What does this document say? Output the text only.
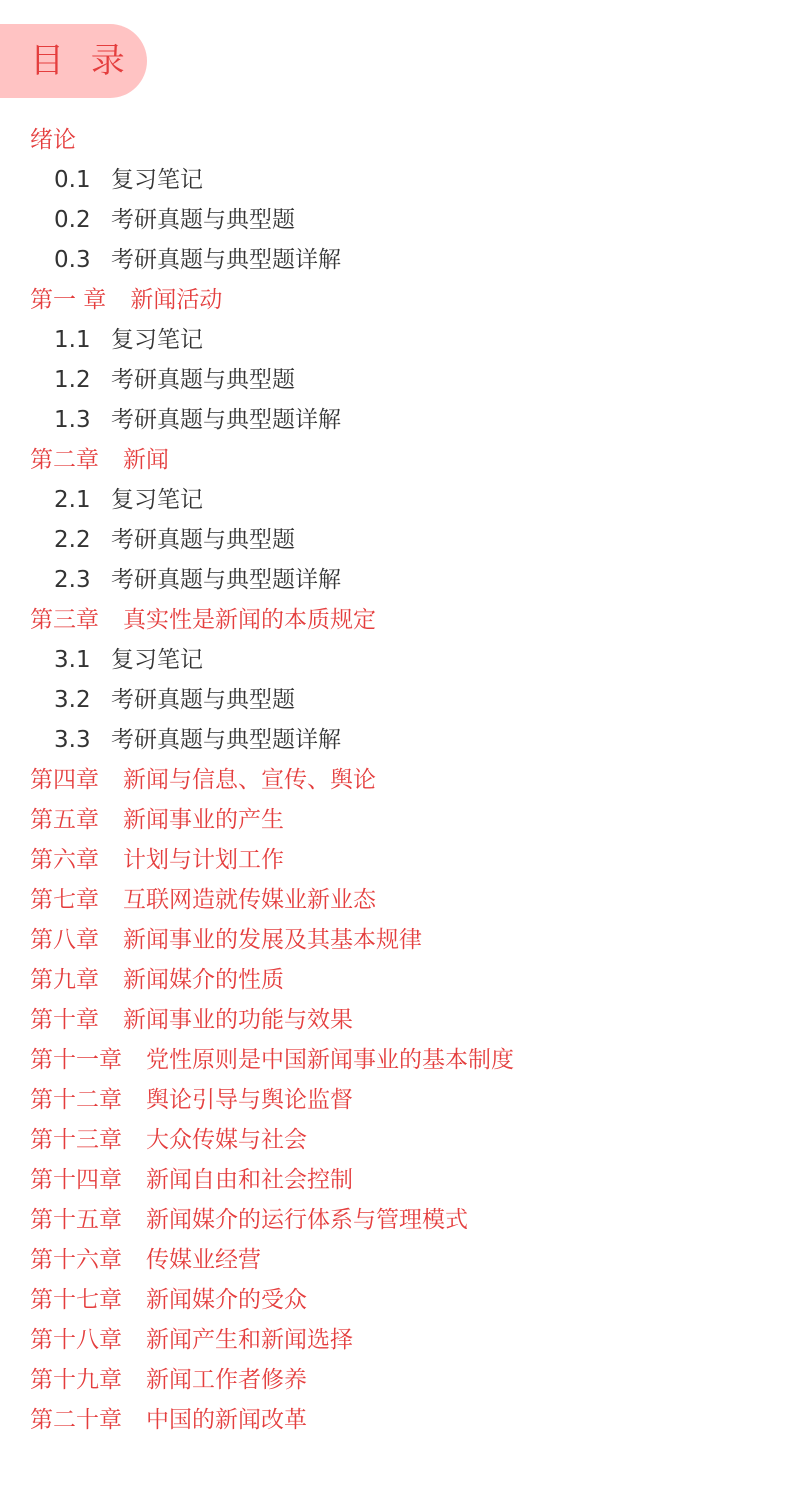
目 录
绪论
0.1 复习笔记
0.2 考研真题与典型题
0.3 考研真题与典型题详解
第一 章 新闻活动
1.1 复习笔记
1.2 考研真题与典型题
1.3 考研真题与典型题详解
第二章 新闻
2.1 复习笔记
2.2 考研真题与典型题
2.3 考研真题与典型题详解
第三章 真实性是新闻的本质规定
3.1 复习笔记
3.2 考研真题与典型题
3.3 考研真题与典型题详解
第四章 新闻与信息、宣传、舆论
第五章 新闻事业的产生
第六章 计划与计划工作
第七章 互联网造就传媒业新业态
第八章 新闻事业的发展及其基本规律
第九章 新闻媒介的性质
第十章 新闻事业的功能与效果
第十一章 党性原则是中国新闻事业的基本制度
第十二章 舆论引导与舆论监督
第十三章 大众传媒与社会
第十四章 新闻自由和社会控制
第十五章 新闻媒介的运行体系与管理模式
第十六章 传媒业经营
第十七章 新闻媒介的受众
第十八章 新闻产生和新闻选择
第十九章 新闻工作者修养
第二十章 中国的新闻改革
